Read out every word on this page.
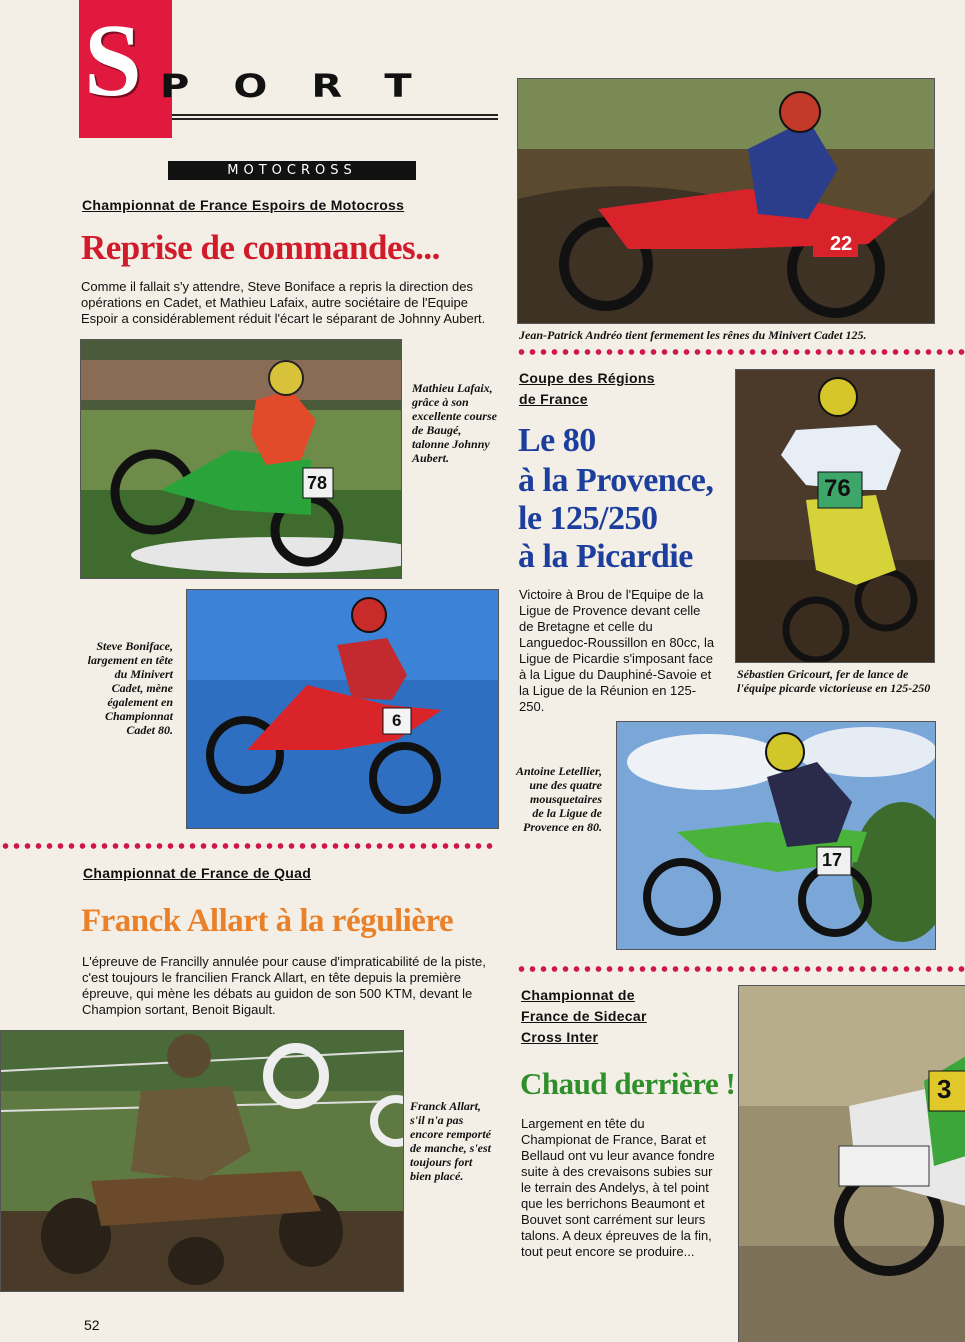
S PORT
MOTOCROSS
Championnat de France Espoirs de Motocross
Reprise de commandes...
Comme il fallait s'y attendre, Steve Boniface a repris la direction des opérations en Cadet, et Mathieu Lafaix, autre sociétaire de l'Equipe Espoir a considérablement réduit l'écart le séparant de Johnny Aubert.
78
Mathieu Lafaix, grâce à son excellente course de Baugé, talonne Johnny Aubert.
6
Steve Boniface, largement en tête du Minivert Cadet, mène également en Championnat Cadet 80.
22
Jean-Patrick Andréo tient fermement les rênes du Minivert Cadet 125.
Coupe des Régions
de France
Le 80
à la Provence,
le 125/250
à la Picardie
Victoire à Brou de l'Equipe de la Ligue de Provence devant celle de Bretagne et celle du Languedoc-Roussillon en 80cc, la Ligue de Picardie s'imposant face à la Ligue du Dauphiné-Savoie et la Ligue de la Réunion en 125-250.
76
Sébastien Gricourt, fer de lance de l'équipe picarde victorieuse en 125-250
17
Antoine Letellier, une des quatre mousquetaires de la Ligue de Provence en 80.
Championnat de France de Quad
Franck Allart à la régulière
L'épreuve de Francilly annulée pour cause d'impraticabilité de la piste, c'est toujours le francilien Franck Allart, en tête depuis la première épreuve, qui mène les débats au guidon de son 500 KTM, devant le Champion sortant, Benoit Bigault.
Franck Allart, s'il n'a pas encore remporté de manche, s'est toujours fort bien placé.
Championnat de
France de Sidecar
Cross Inter
Chaud derrière !
Largement en tête du Championat de France, Barat et Bellaud ont vu leur avance fondre suite à des crevaisons subies sur le terrain des Andelys, à tel point que les berrichons Beaumont et Bouvet sont carrément sur leurs talons. A deux épreuves de la fin, tout peut encore se produire...
3
52
